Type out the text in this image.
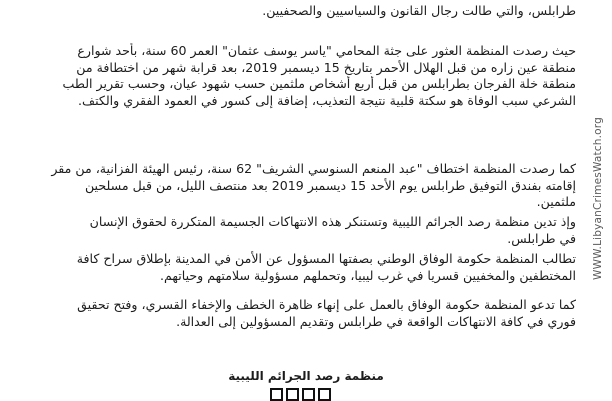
طرابلس، والتي طالت رجال القانون والسياسيين والصحفيين.

حيث رصدت المنظمة العثور على جثة المحامي "ياسر يوسف عثمان" العمر 60 سنة، بأحد شوارع
منطقة عين زاره من قبل الهلال الأحمر بتاريخ 15 ديسمبر 2019، بعد قرابة شهر من اختطافة من
منطقة خلة الفرجان بطرابلس من قبل أربع أشخاص ملثمين حسب شهود عيان، وحسب تقرير الطب
الشرعي سبب الوفاة هو سكتة قلبية نتيجة التعذيب، إضافة إلى كسور في العمود الفقري والكتف.

كما رصدت المنظمة اختطاف "عبد المنعم السنوسي الشريف" 62 سنة، رئيس الهيئة الفزانية، من مقر
إقامته بفندق التوفيق طرابلس يوم الأحد 15 ديسمبر 2019 بعد منتصف الليل، من قبل مسلحين
ملثمين.

وإذ تدين منظمة رصد الجرائم الليبية وتستنكر هذه الانتهاكات الجسيمة المتكررة لحقوق الإنسان
في طرابلس.

تطالب المنظمة حكومة الوفاق الوطني بصفتها المسؤول عن الأمن في المدينة بإطلاق سراح كافة
المختطفين والمخفيين قسريا في غرب ليبيا، وتحملهم مسؤولية سلامتهم وحياتهم.

كما تدعو المنظمة حكومة الوفاق بالعمل على إنهاء ظاهرة الخطف والإخفاء القسري، وفتح تحقيق
فوري في كافة الانتهاكات الواقعة في طرابلس وتقديم المسؤولين إلى العدالة.

منظمة رصد الجرائم الليبية
WWW.LibyanCrimesWatch.org
